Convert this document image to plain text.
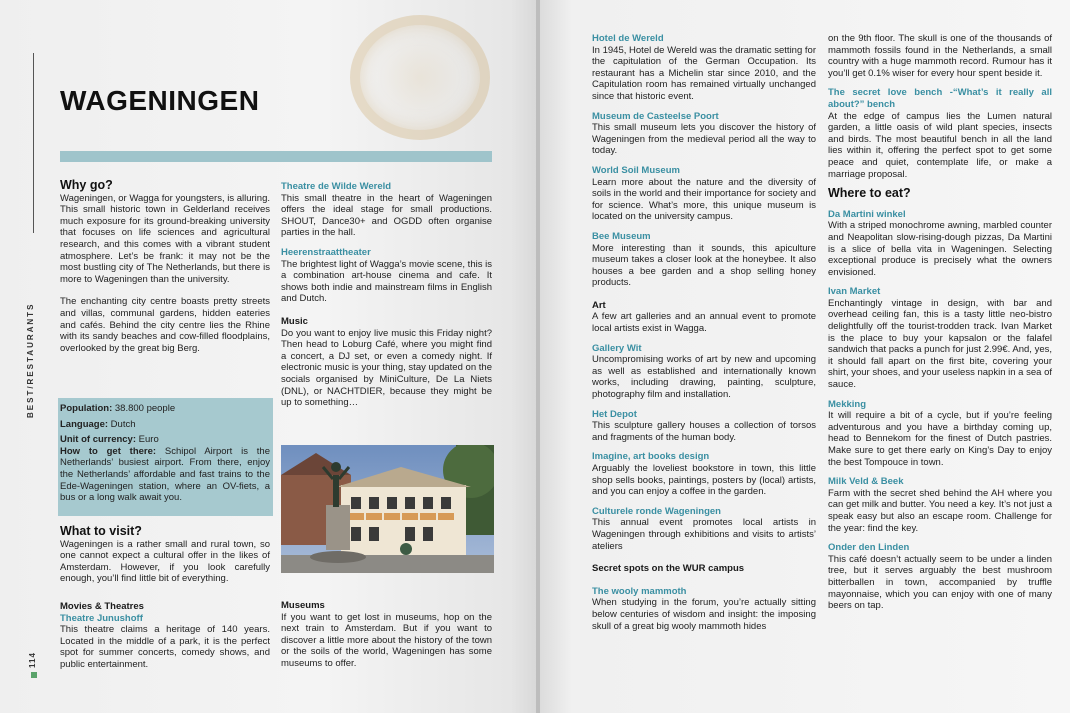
BEST/RESTAURANTS
114
WAGENINGEN
Why go?

Wageningen, or Wagga for youngsters, is alluring. This small historic town in Gelderland receives much exposure for its ground-breaking university that focuses on life sciences and agricultural research, and this comes with a vibrant student atmosphere. Let’s be frank: it may not be the most bustling city of The Netherlands, but there is more to Wageningen than the university.

The enchanting city centre boasts pretty streets and villas, communal gardens, hidden eateries and cafés. Behind the city centre lies the Rhine with its sandy beaches and cow-filled floodplains, overlooked by the great big Berg.

Population: 38.800 people
Language: Dutch
Unit of currency: Euro
How to get there: Schipol Airport is the Netherlands’ busiest airport. From there, enjoy the Netherlands’ affordable and fast trains to the Ede-Wageningen station, where an OV-fiets, a bus or a long walk await you.
What to visit?

Wageningen is a rather small and rural town, so one cannot expect a cultural offer in the likes of Amsterdam. However, if you look carefully enough, you’ll find little bit of everything.

Movies & Theatres
Theatre Junushoff

This theatre claims a heritage of 140 years. Located in the middle of a park, it is the perfect spot for summer concerts, comedy shows, and public entertainment.

Theatre de Wilde Wereld

This small theatre in the heart of Wageningen offers the ideal stage for small productions. SHOUT, Dance30+ and OGDD often organise parties in the hall.

Heerenstraattheater

The brightest light of Wagga’s movie scene, this is a combination art-house cinema and cafe. It shows both indie and mainstream films in English and Dutch.

Music

Do you want to enjoy live music this Friday night? Then head to Loburg Café, where you might find a concert, a DJ set, or even a comedy night. If electronic music is your thing, stay updated on the socials organised by MiniCulture, De La Niets (DNL), or NACHTDIER, because they might be up to something…

Museums

If you want to get lost in museums, hop on the next train to Amsterdam. But if you want to discover a little more about the history of the town or the soils of the world, Wageningen has some museums to offer.

Hotel de Wereld

In 1945, Hotel de Wereld was the dramatic setting for the capitulation of the German Occupation. Its restaurant has a Michelin star since 2010, and the Capitulation room has remained virtually unchanged since that historic event.

Museum de Casteelse Poort

This small museum lets you discover the history of Wageningen from the medieval period all the way to today.

World Soil Museum

Learn more about the nature and the diversity of soils in the world and their importance for society and for science. What’s more, this unique museum is located on the university campus.

Bee Museum

More interesting than it sounds, this apiculture museum takes a closer look at the honeybee. It also houses a bee garden and a shop selling honey products.

Art

A few art galleries and an annual event to promote local artists exist in Wagga.

Gallery Wit

Uncompromising works of art by new and upcoming as well as established and internationally known works, including drawing, painting, sculpture, photography film and installation.

Het Depot

This sculpture gallery houses a collection of torsos and fragments of the human body.

Imagine, art books design

Arguably the loveliest bookstore in town, this little shop sells books, paintings, posters by (local) artists, and you can enjoy a coffee in the garden.

Culturele ronde Wageningen

This annual event promotes local artists in Wageningen through exhibitions and visits to artists’ ateliers

Secret spots on the WUR campus
The wooly mammoth

When studying in the forum, you’re actually sitting below centuries of wisdom and insight: the imposing skull of a great big wooly mammoth hides

on the 9th floor. The skull is one of the thousands of mammoth fossils found in the Netherlands, a small country with a huge mammoth record. Rumour has it you’ll get 0.1% wiser for every hour spent beside it.

The secret love bench -“What’s it really all about?” bench

At the edge of campus lies the Lumen natural garden, a little oasis of wild plant species, insects and birds. The most beautiful bench in all the land lies within it, offering the perfect spot to get some peace and quiet, contemplate life, or make a marriage proposal.

Where to eat?
Da Martini winkel

With a striped monochrome awning, marbled counter and Neapolitan slow-rising-dough pizzas, Da Martini is a slice of bella vita in Wageningen. Selecting exceptional produce is precisely what the owners envisioned.

Ivan Market

Enchantingly vintage in design, with bar and overhead ceiling fan, this is a tasty little neo-bistro delightfully off the tourist-trodden track. Ivan Market is the place to buy your kapsalon or the falafel sandwich that packs a punch for just 2.99€. And, yes, it should fall apart on the first bite, covering your shirt, your shoes, and your useless napkin in a sea of sauce.

Mekking

It will require a bit of a cycle, but if you’re feeling adventurous and you have a birthday coming up, head to Bennekom for the finest of Dutch pastries. Make sure to get there early on King’s Day to enjoy the best Tompouce in town.

Milk Veld & Beek

Farm with the secret shed behind the AH where you can get milk and butter. You need a key. It’s not just a speak easy but also an escape room. Challenge for the year: find the key.

Onder den Linden

This café doesn’t actually seem to be under a linden tree, but it serves arguably the best mushroom bitterballen in town, accompanied by truffle mayonnaise, which you can enjoy with one of many beers on tap.
